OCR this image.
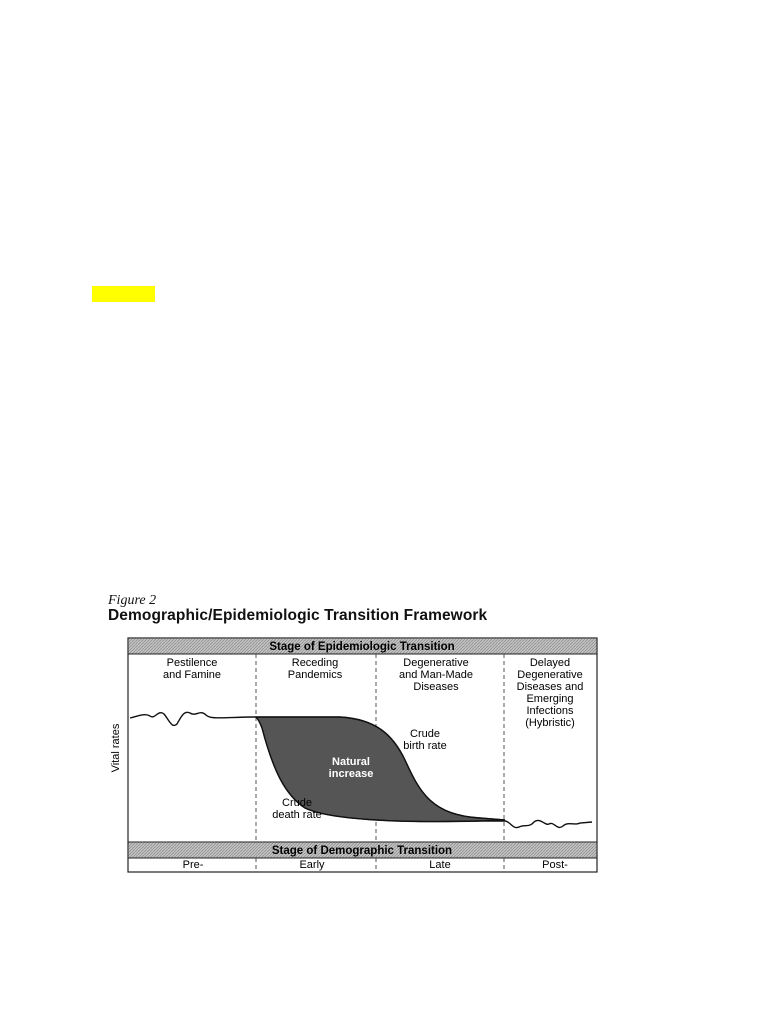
Figure 2
Demographic/Epidemiologic Transition Framework
Stage of Epidemiologic Transition
Stage of Demographic Transition
Vital rates
Pestilence
and Famine
Receding
Pandemics
Degenerative
and Man-Made
Diseases
Delayed
Degenerative
Diseases and
Emerging
Infections
(Hybristic)
Crude
birth rate
Crude
death rate
Natural
increase
Pre-	Early	Late	Post-
